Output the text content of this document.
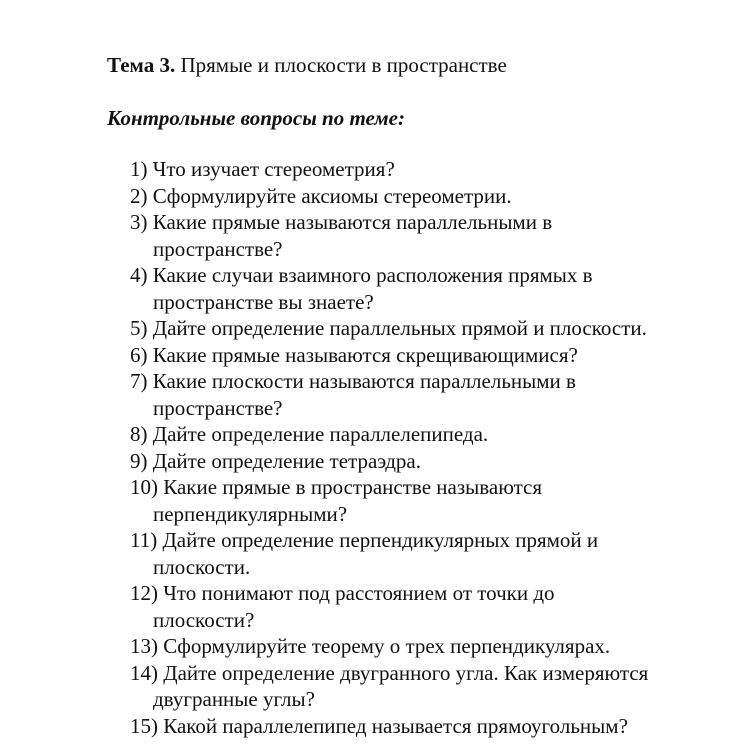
Тема 3. Прямые и плоскости в пространстве
Контрольные вопросы по теме:
1) Что изучает стереометрия?
2) Сформулируйте аксиомы стереометрии.
3) Какие прямые называются параллельными в
пространстве?
4) Какие случаи взаимного расположения прямых в
пространстве вы знаете?
5) Дайте определение параллельных прямой и плоскости.
6) Какие прямые называются скрещивающимися?
7) Какие плоскости называются параллельными в
пространстве?
8) Дайте определение параллелепипеда.
9) Дайте определение тетраэдра.
10) Какие прямые в пространстве называются
перпендикулярными?
11) Дайте определение перпендикулярных прямой и
плоскости.
12) Что понимают под расстоянием от точки до
плоскости?
13) Сформулируйте теорему о трех перпендикулярах.
14) Дайте определение двугранного угла. Как измеряются
двугранные углы?
15) Какой параллелепипед называется прямоугольным?
